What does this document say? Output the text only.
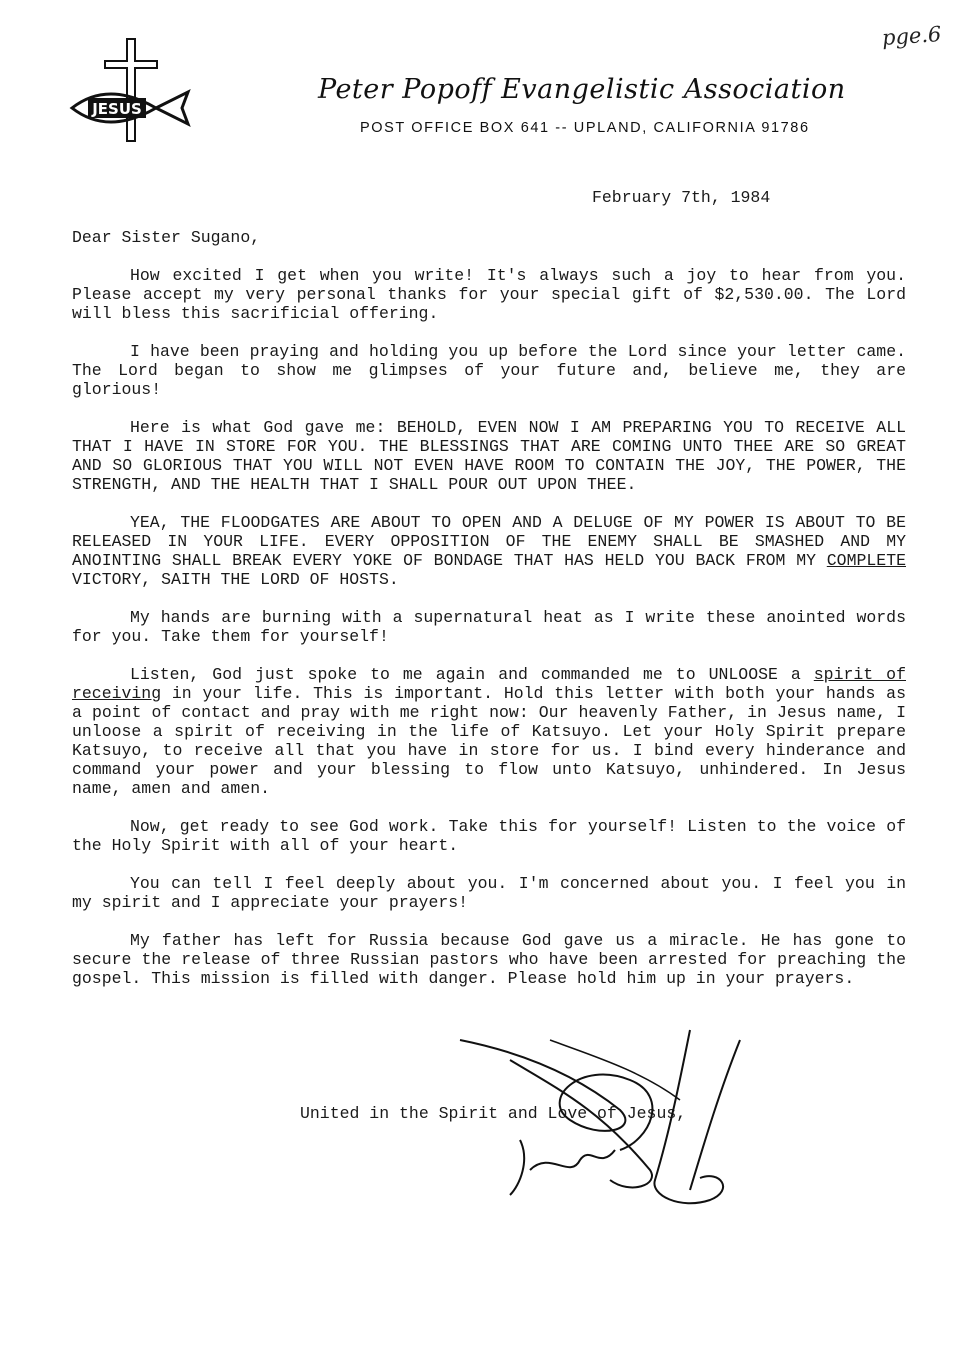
JESUS
Peter Popoff Evangelistic Association
POST OFFICE BOX 641 -- UPLAND, CALIFORNIA 91786
pge.6
February 7th, 1984
Dear Sister Sugano,

How excited I get when you write! It's always such a joy to hear from you. Please accept my very personal thanks for your special gift of $2,530.00. The Lord will bless this sacrificial offering.

I have been praying and holding you up before the Lord since your letter came. The Lord began to show me glimpses of your future and, believe me, they are glorious!

Here is what God gave me: BEHOLD, EVEN NOW I AM PREPARING YOU TO RECEIVE ALL THAT I HAVE IN STORE FOR YOU. THE BLESSINGS THAT ARE COMING UNTO THEE ARE SO GREAT AND SO GLORIOUS THAT YOU WILL NOT EVEN HAVE ROOM TO CONTAIN THE JOY, THE POWER, THE STRENGTH, AND THE HEALTH THAT I SHALL POUR OUT UPON THEE.

YEA, THE FLOODGATES ARE ABOUT TO OPEN AND A DELUGE OF MY POWER IS ABOUT TO BE RELEASED IN YOUR LIFE. EVERY OPPOSITION OF THE ENEMY SHALL BE SMASHED AND MY ANOINTING SHALL BREAK EVERY YOKE OF BONDAGE THAT HAS HELD YOU BACK FROM MY COMPLETE VICTORY, SAITH THE LORD OF HOSTS.

My hands are burning with a supernatural heat as I write these anointed words for you. Take them for yourself!

Listen, God just spoke to me again and commanded me to UNLOOSE a spirit of receiving in your life. This is important. Hold this letter with both your hands as a point of contact and pray with me right now: Our heavenly Father, in Jesus name, I unloose a spirit of receiving in the life of Katsuyo. Let your Holy Spirit prepare Katsuyo, to receive all that you have in store for us. I bind every hinderance and command your power and your blessing to flow unto Katsuyo, unhindered. In Jesus name, amen and amen.

Now, get ready to see God work. Take this for yourself! Listen to the voice of the Holy Spirit with all of your heart.

You can tell I feel deeply about you. I'm concerned about you. I feel you in my spirit and I appreciate your prayers!

My father has left for Russia because God gave us a miracle. He has gone to secure the release of three Russian pastors who have been arrested for preaching the gospel. This mission is filled with danger. Please hold him up in your prayers.

United in the Spirit and Love of Jesus,
